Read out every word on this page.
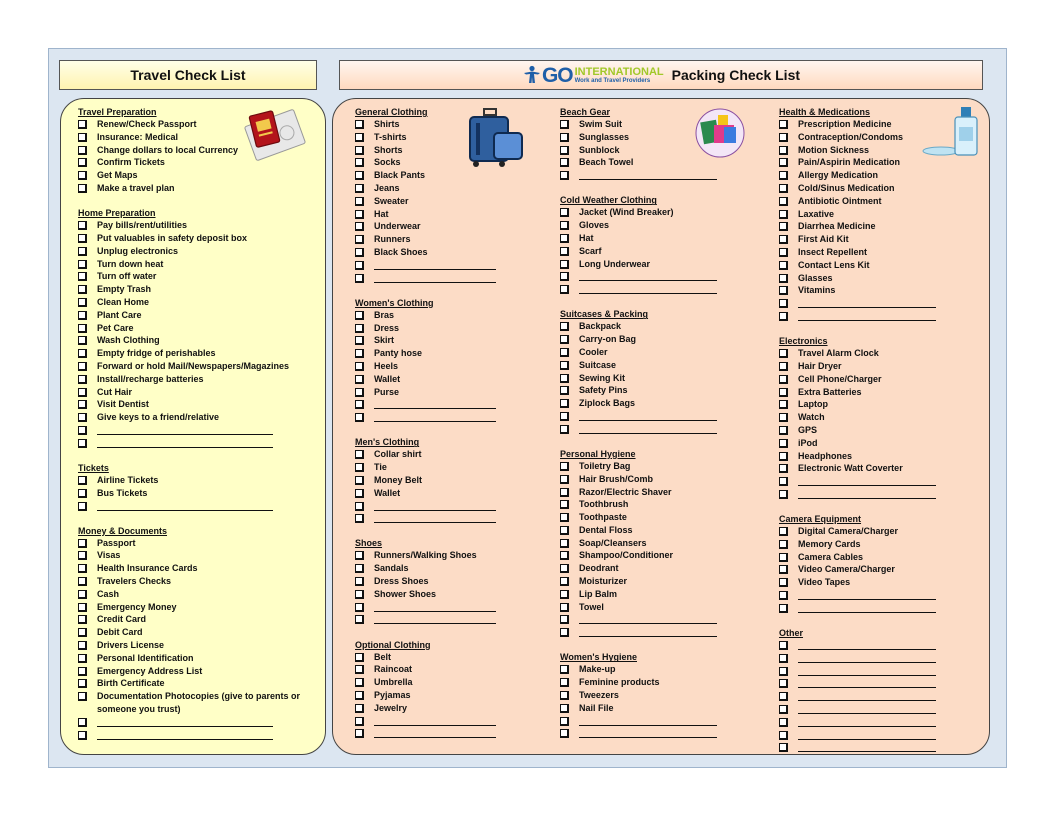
Travel Check List	GO INTERNATIONAL
Work and Travel Providers	Packing Check List
Travel Preparation
Renew/Check Passport
Insurance: Medical
Change dollars to local Currency
Confirm Tickets
Get Maps
Make a travel plan
Home Preparation
Pay bills/rent/utilities
Put valuables in safety deposit box
Unplug electronics
Turn down heat
Turn off water
Empty Trash
Clean Home
Plant Care
Pet Care
Wash Clothing
Empty fridge of perishables
Forward or hold Mail/Newspapers/Magazines
Install/recharge batteries
Cut Hair
Visit Dentist
Give keys to a friend/relative
Tickets
Airline Tickets
Bus Tickets
Money & Documents
Passport
Visas
Health Insurance Cards
Travelers Checks
Cash
Emergency Money
Credit Card
Debit Card
Drivers License
Personal Identification
Emergency Address List
Birth Certificate
Documentation Photocopies (give to parents or someone you trust)
General Clothing
Shirts
T-shirts
Shorts
Socks
Black Pants
Jeans
Sweater
Hat
Underwear
Runners
Black Shoes
Women's Clothing
Bras
Dress
Skirt
Panty hose
Heels
Wallet
Purse
Men's Clothing
Collar shirt
Tie
Money Belt
Wallet
Shoes
Runners/Walking Shoes
Sandals
Dress Shoes
Shower Shoes
Optional Clothing
Belt
Raincoat
Umbrella
Pyjamas
Jewelry
Beach Gear
Swim Suit
Sunglasses
Sunblock
Beach Towel
Cold Weather Clothing
Jacket (Wind Breaker)
Gloves
Hat
Scarf
Long Underwear
Suitcases & Packing
Backpack
Carry-on Bag
Cooler
Suitcase
Sewing Kit
Safety Pins
Ziplock Bags
Personal Hygiene
Toiletry Bag
Hair Brush/Comb
Razor/Electric Shaver
Toothbrush
Toothpaste
Dental Floss
Soap/Cleansers
Shampoo/Conditioner
Deodrant
Moisturizer
Lip Balm
Towel
Women's Hygiene
Make-up
Feminine products
Tweezers
Nail File
Health & Medications
Prescription Medicine
Contraception/Condoms
Motion Sickness
Pain/Aspirin Medication
Allergy Medication
Cold/Sinus Medication
Antibiotic Ointment
Laxative
Diarrhea Medicine
First Aid Kit
Insect Repellent
Contact Lens Kit
Glasses
Vitamins
Electronics
Travel Alarm Clock
Hair Dryer
Cell Phone/Charger
Extra Batteries
Laptop
Watch
GPS
iPod
Headphones
Electronic Watt Coverter
Camera Equipment
Digital Camera/Charger
Memory Cards
Camera Cables
Video Camera/Charger
Video Tapes
Other
